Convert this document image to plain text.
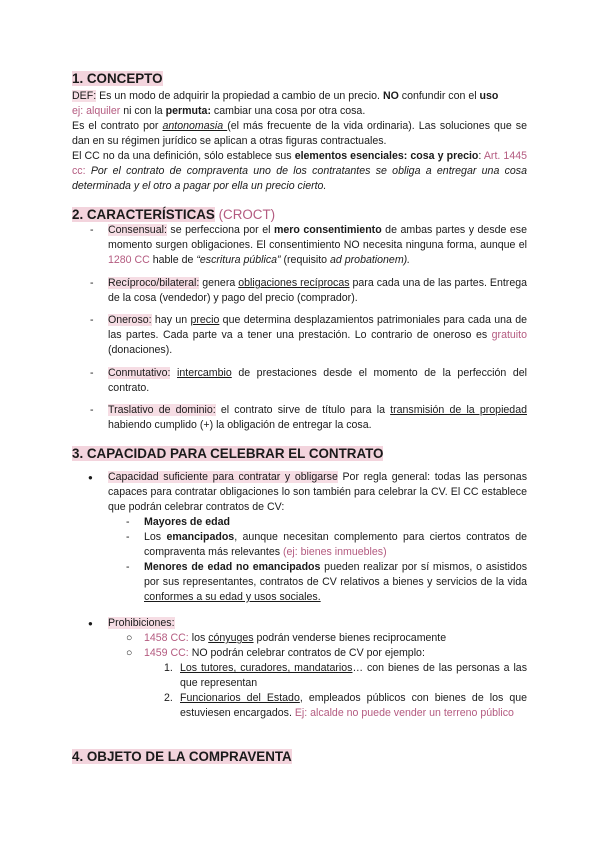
1. CONCEPTO

DEF: Es un modo de adquirir la propiedad a cambio de un precio. NO confundir con el uso
ej: alquiler ni con la permuta: cambiar una cosa por otra cosa.

Es el contrato por antonomasia (el más frecuente de la vida ordinaria). Las soluciones que se dan en su régimen jurídico se aplican a otras figuras contractuales.

El CC no da una definición, sólo establece sus elementos esenciales: cosa y precio: Art. 1445 cc: Por el contrato de compraventa uno de los contratantes se obliga a entregar una cosa determinada y el otro a pagar por ella un precio cierto.

2. CARACTERÍSTICAS (CROCT)
- Consensual: se perfecciona por el mero consentimiento de ambas partes y desde ese momento surgen obligaciones. El consentimiento NO necesita ninguna forma, aunque el 1280 CC hable de “escritura pública” (requisito ad probationem).
- Recíproco/bilateral: genera obligaciones recíprocas para cada una de las partes. Entrega de la cosa (vendedor) y pago del precio (comprador).
- Oneroso: hay un precio que determina desplazamientos patrimoniales para cada una de las partes. Cada parte va a tener una prestación. Lo contrario de oneroso es gratuito (donaciones).
- Conmutativo: intercambio de prestaciones desde el momento de la perfección del contrato.
- Traslativo de dominio: el contrato sirve de título para la transmisión de la propiedad habiendo cumplido (+) la obligación de entregar la cosa.
3. CAPACIDAD PARA CELEBRAR EL CONTRATO
● Capacidad suficiente para contratar y obligarse Por regla general: todas las personas capaces para contratar obligaciones lo son también para celebrar la CV. El CC establece que podrán celebrar contratos de CV:
- Mayores de edad
- Los emancipados, aunque necesitan complemento para ciertos contratos de compraventa más relevantes (ej: bienes inmuebles)
- Menores de edad no emancipados pueden realizar por sí mismos, o asistidos por sus representantes, contratos de CV relativos a bienes y servicios de la vida conformes a su edad y usos sociales.
● Prohibiciones:
○ 1458 CC: los cónyuges podrán venderse bienes reciprocamente
○ 1459 CC: NO podrán celebrar contratos de CV por ejemplo:
1. Los tutores, curadores, mandatarios… con bienes de las personas a las que representan
2. Funcionarios del Estado, empleados públicos con bienes de los que estuviesen encargados. Ej: alcalde no puede vender un terreno público
4. OBJETO DE LA COMPRAVENTA
